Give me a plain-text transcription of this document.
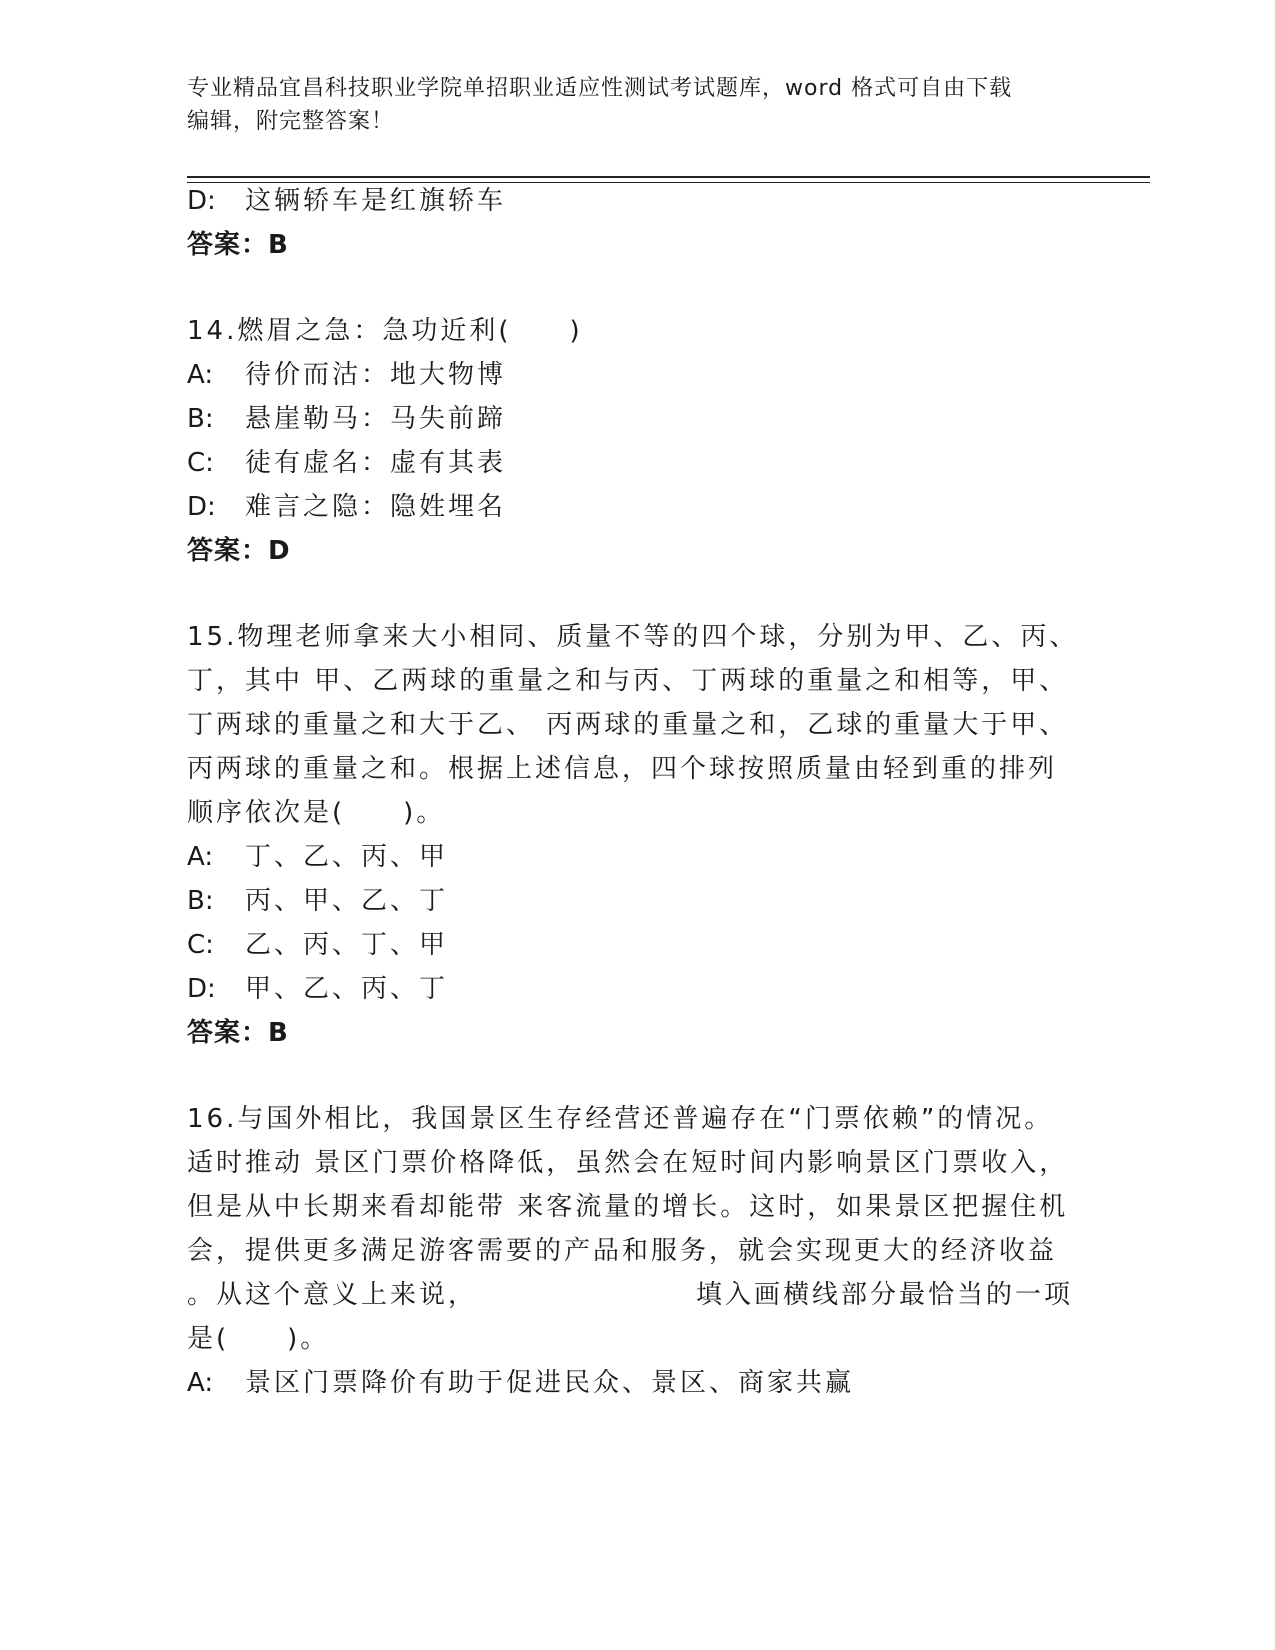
专业精品宜昌科技职业学院单招职业适应性测试考试题库，word 格式可自由下载
编辑，附完整答案！
D: 这辆轿车是红旗轿车
答案：B
14.燃眉之急：急功近利(　　)
A: 待价而沽：地大物博
B: 悬崖勒马：马失前蹄
C: 徒有虚名：虚有其表
D: 难言之隐：隐姓埋名
答案：D
15.物理老师拿来大小相同、质量不等的四个球，分别为甲、乙、丙、
丁，其中 甲、乙两球的重量之和与丙、丁两球的重量之和相等，甲、
丁两球的重量之和大于乙、 丙两球的重量之和，乙球的重量大于甲、
丙两球的重量之和。根据上述信息，四个球按照质量由轻到重的排列
顺序依次是(　　)。
A: 丁、乙、丙、甲
B: 丙、甲、乙、丁
C: 乙、丙、丁、甲
D: 甲、乙、丙、丁
答案：B
16.与国外相比，我国景区生存经营还普遍存在“门票依赖”的情况。
适时推动 景区门票价格降低，虽然会在短时间内影响景区门票收入，
但是从中长期来看却能带 来客流量的增长。这时，如果景区把握住机
会，提供更多满足游客需要的产品和服务，就会实现更大的经济收益
。从这个意义上来说，　　　　　　　　填入画横线部分最恰当的一项
是(　　)。
A: 景区门票降价有助于促进民众、景区、商家共赢
